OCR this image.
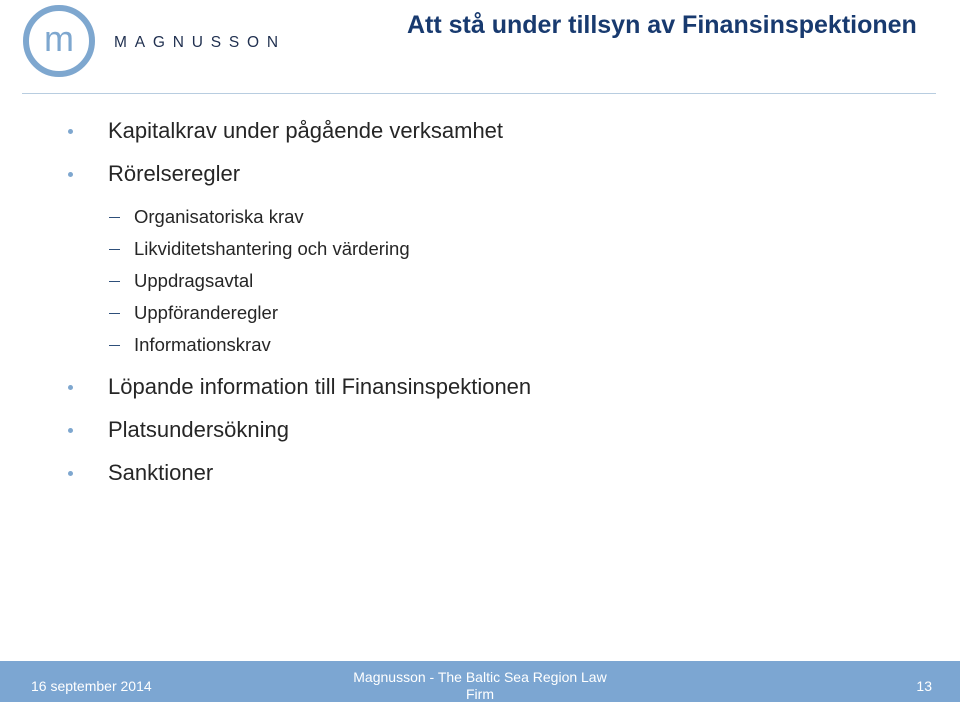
m	MAGNUSSON
Att stå under tillsyn av Finansinspektionen
Kapitalkrav under pågående verksamhet
Rörelseregler
Organisatoriska krav
Likviditetshantering och värdering
Uppdragsavtal
Uppföranderegler
Informationskrav
Löpande information till Finansinspektionen
Platsundersökning
Sanktioner
16 september 2014
Magnusson - The Baltic Sea Region Law Firm	13
